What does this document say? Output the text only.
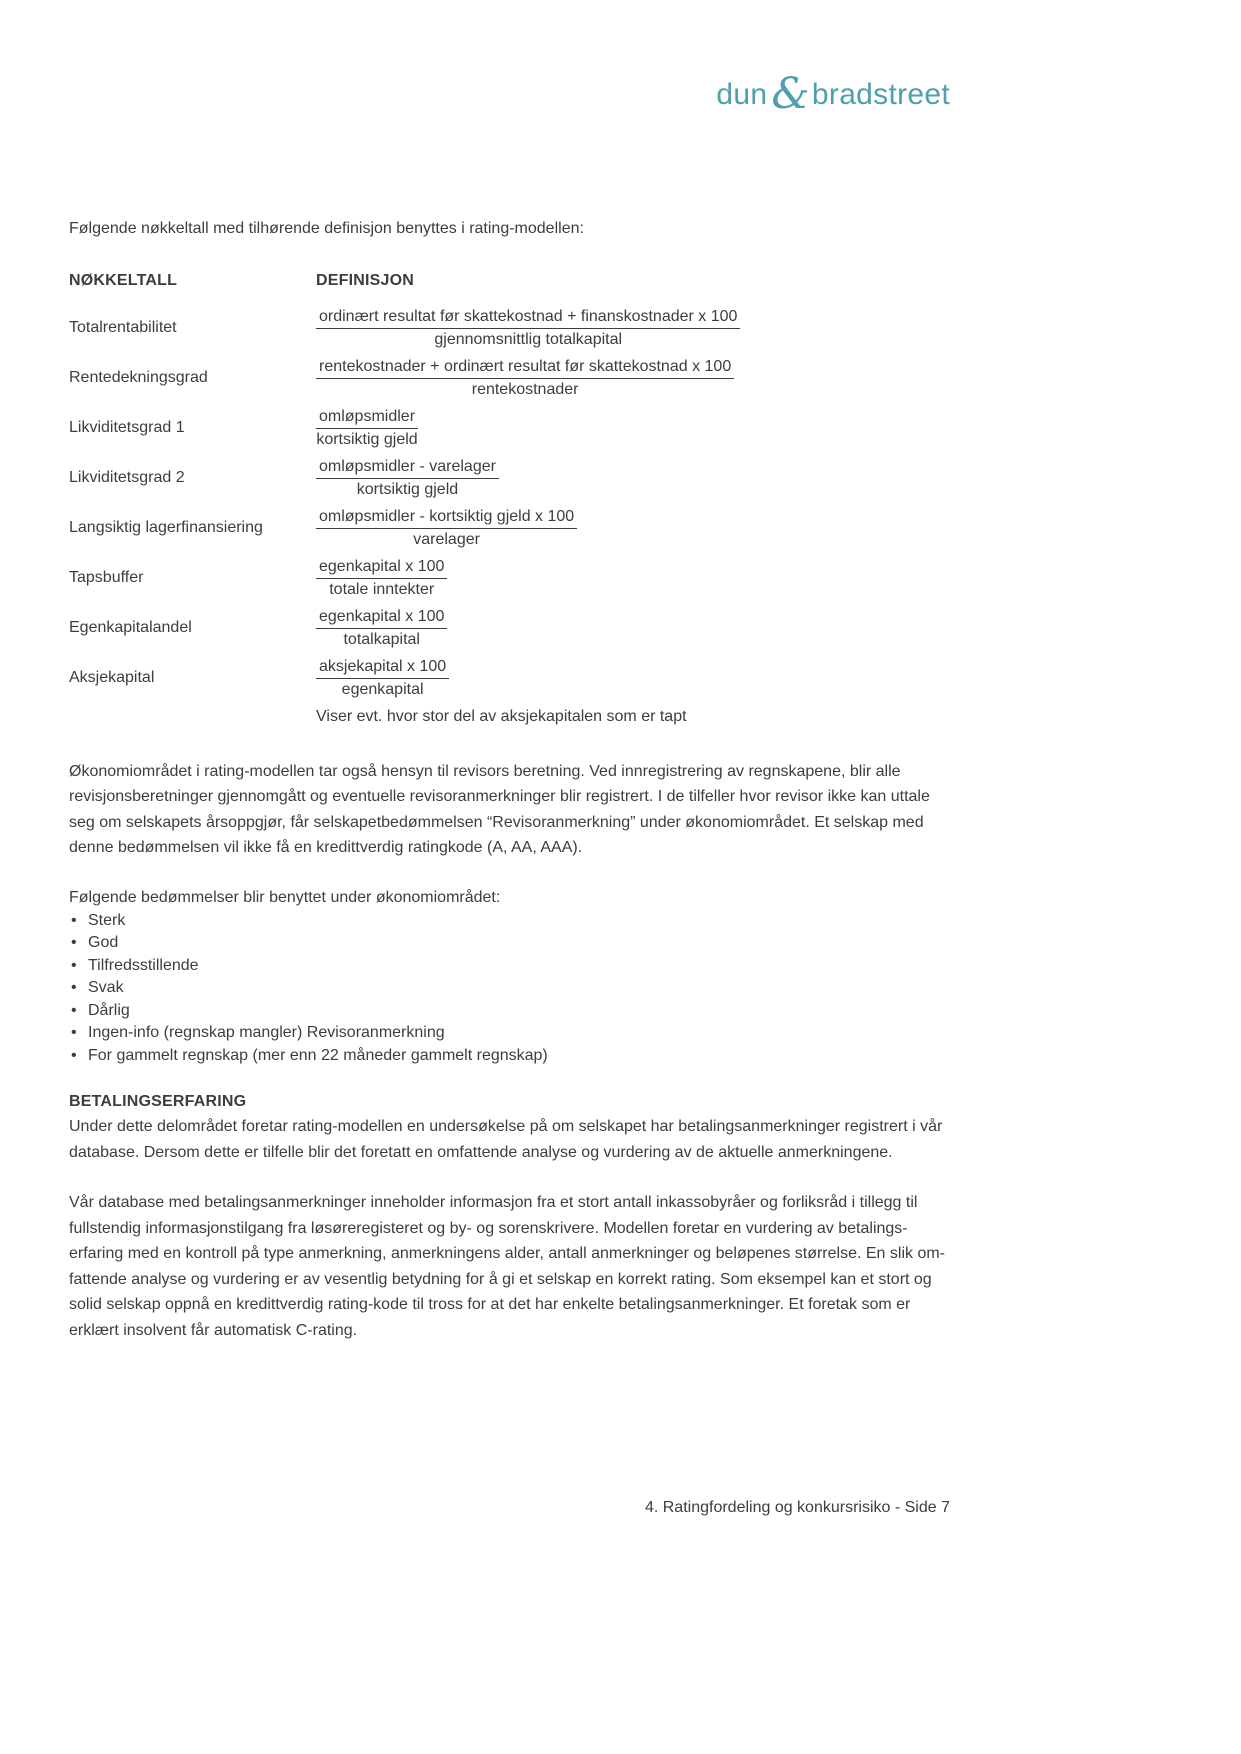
dun&bradstreet
Følgende nøkkeltall med tilhørende definisjon benyttes i rating-modellen:
NØKKELTALL	DEFINISJON
Totalrentabilitet	$\frac{\text{ordinært resultat før skattekostnad + finanskostnader x 100}}{\text{gjennomsnittlig totalkapital}}$
Rentedekningsgrad	$\frac{\text{rentekostnader + ordinært resultat før skattekostnad x 100}}{\text{rentekostnader}}$
Likviditetsgrad 1	$\frac{\text{omløpsmidler}}{\text{kortsiktig gjeld}}$
Likviditetsgrad 2	$\frac{\text{omløpsmidler - varelager}}{\text{kortsiktig gjeld}}$
Langsiktig lagerfinansiering	$\frac{\text{omløpsmidler - kortsiktig gjeld x 100}}{\text{varelager}}$
Tapsbuffer	$\frac{\text{egenkapital x 100}}{\text{totale inntekter}}$
Egenkapitalandel	$\frac{\text{egenkapital x 100}}{\text{totalkapital}}$
Aksjekapital	$\frac{\text{aksjekapital x 100}}{\text{egenkapital}}$
Viser evt. hvor stor del av aksjekapitalen som er tapt
Økonomiområdet i rating-modellen tar også hensyn til revisors beretning. Ved innregistrering av regnskapene, blir alle revisjonsberetninger gjennomgått og eventuelle revisoranmerkninger blir registrert. I de tilfeller hvor revisor ikke kan uttale seg om selskapets årsoppgjør, får selskapetbedømmelsen “Revisoranmerkning” under økonomiområdet. Et selskap med denne bedømmelsen vil ikke få en kredittverdig ratingkode (A, AA, AAA).
Følgende bedømmelser blir benyttet under økonomiområdet:
• Sterk
• God
• Tilfredsstillende
• Svak
• Dårlig
• Ingen-info (regnskap mangler) Revisoranmerkning
• For gammelt regnskap (mer enn 22 måneder gammelt regnskap)
BETALINGSERFARING
Under dette delområdet foretar rating-modellen en undersøkelse på om selskapet har betalingsanmerkninger registrert i vår database. Dersom dette er tilfelle blir det foretatt en omfattende analyse og vurdering av de aktuelle anmerkningene.
Vår database med betalingsanmerkninger inneholder informasjon fra et stort antall inkassobyråer og forliksråd i tillegg til fullstendig informasjonstilgang fra løsøreregisteret og by- og sorenskrivere. Modellen foretar en vurdering av betalings- erfaring med en kontroll på type anmerkning, anmerkningens alder, antall anmerkninger og beløpenes størrelse. En slik om- fattende analyse og vurdering er av vesentlig betydning for å gi et selskap en korrekt rating. Som eksempel kan et stort og solid selskap oppnå en kredittverdig rating-kode til tross for at det har enkelte betalingsanmerkninger. Et foretak som er erklært insolvent får automatisk C-rating.
4. Ratingfordeling og konkursrisiko - Side 7
